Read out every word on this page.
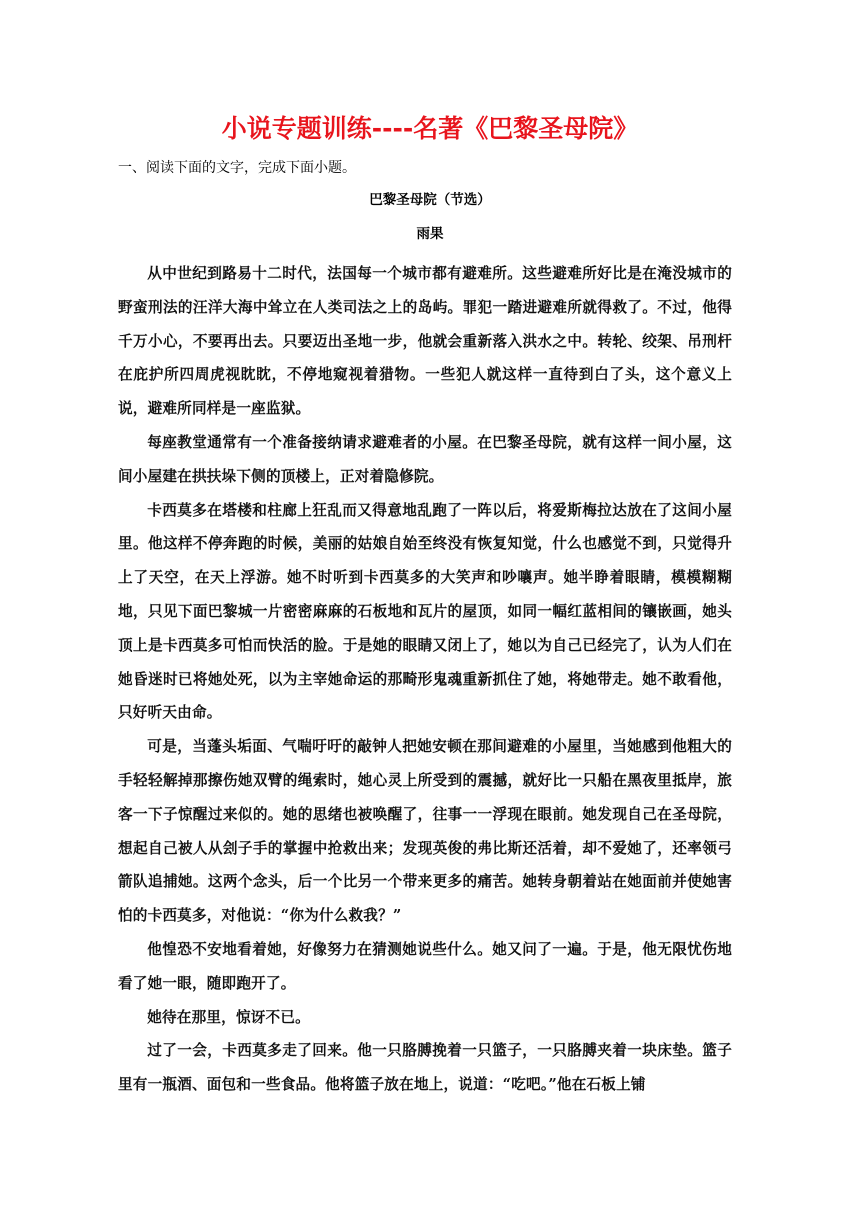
小说专题训练----名著《巴黎圣母院》
一、阅读下面的文字，完成下面小题。
巴黎圣母院（节选）
雨果

从中世纪到路易十二时代，法国每一个城市都有避难所。这些避难所好比是在淹没城市的野蛮刑法的汪洋大海中耸立在人类司法之上的岛屿。罪犯一踏进避难所就得救了。不过，他得千万小心，不要再出去。只要迈出圣地一步，他就会重新落入洪水之中。转轮、绞架、吊刑杆在庇护所四周虎视眈眈，不停地窥视着猎物。一些犯人就这样一直待到白了头，这个意义上说，避难所同样是一座监狱。

每座教堂通常有一个准备接纳请求避难者的小屋。在巴黎圣母院，就有这样一间小屋，这间小屋建在拱扶垛下侧的顶楼上，正对着隐修院。

卡西莫多在塔楼和柱廊上狂乱而又得意地乱跑了一阵以后，将爱斯梅拉达放在了这间小屋里。他这样不停奔跑的时候，美丽的姑娘自始至终没有恢复知觉，什么也感觉不到，只觉得升上了天空，在天上浮游。她不时听到卡西莫多的大笑声和吵嚷声。她半睁着眼睛，模模糊糊地，只见下面巴黎城一片密密麻麻的石板地和瓦片的屋顶，如同一幅红蓝相间的镶嵌画，她头顶上是卡西莫多可怕而快活的脸。于是她的眼睛又闭上了，她以为自己已经完了，认为人们在她昏迷时已将她处死，以为主宰她命运的那畸形鬼魂重新抓住了她，将她带走。她不敢看他，只好听天由命。

可是，当蓬头垢面、气喘吁吁的敲钟人把她安顿在那间避难的小屋里，当她感到他粗大的手轻轻解掉那擦伤她双臂的绳索时，她心灵上所受到的震撼，就好比一只船在黑夜里抵岸，旅客一下子惊醒过来似的。她的思绪也被唤醒了，往事一一浮现在眼前。她发现自己在圣母院，想起自己被人从刽子手的掌握中抢救出来；发现英俊的弗比斯还活着，却不爱她了，还率领弓箭队追捕她。这两个念头，后一个比另一个带来更多的痛苦。她转身朝着站在她面前并使她害怕的卡西莫多，对他说：“你为什么救我？”

他惶恐不安地看着她，好像努力在猜测她说些什么。她又问了一遍。于是，他无限忧伤地看了她一眼，随即跑开了。

她待在那里，惊讶不已。

过了一会，卡西莫多走了回来。他一只胳膊挽着一只篮子，一只胳膊夹着一块床垫。篮子里有一瓶酒、面包和一些食品。他将篮子放在地上，说道：“吃吧。”他在石板上铺
